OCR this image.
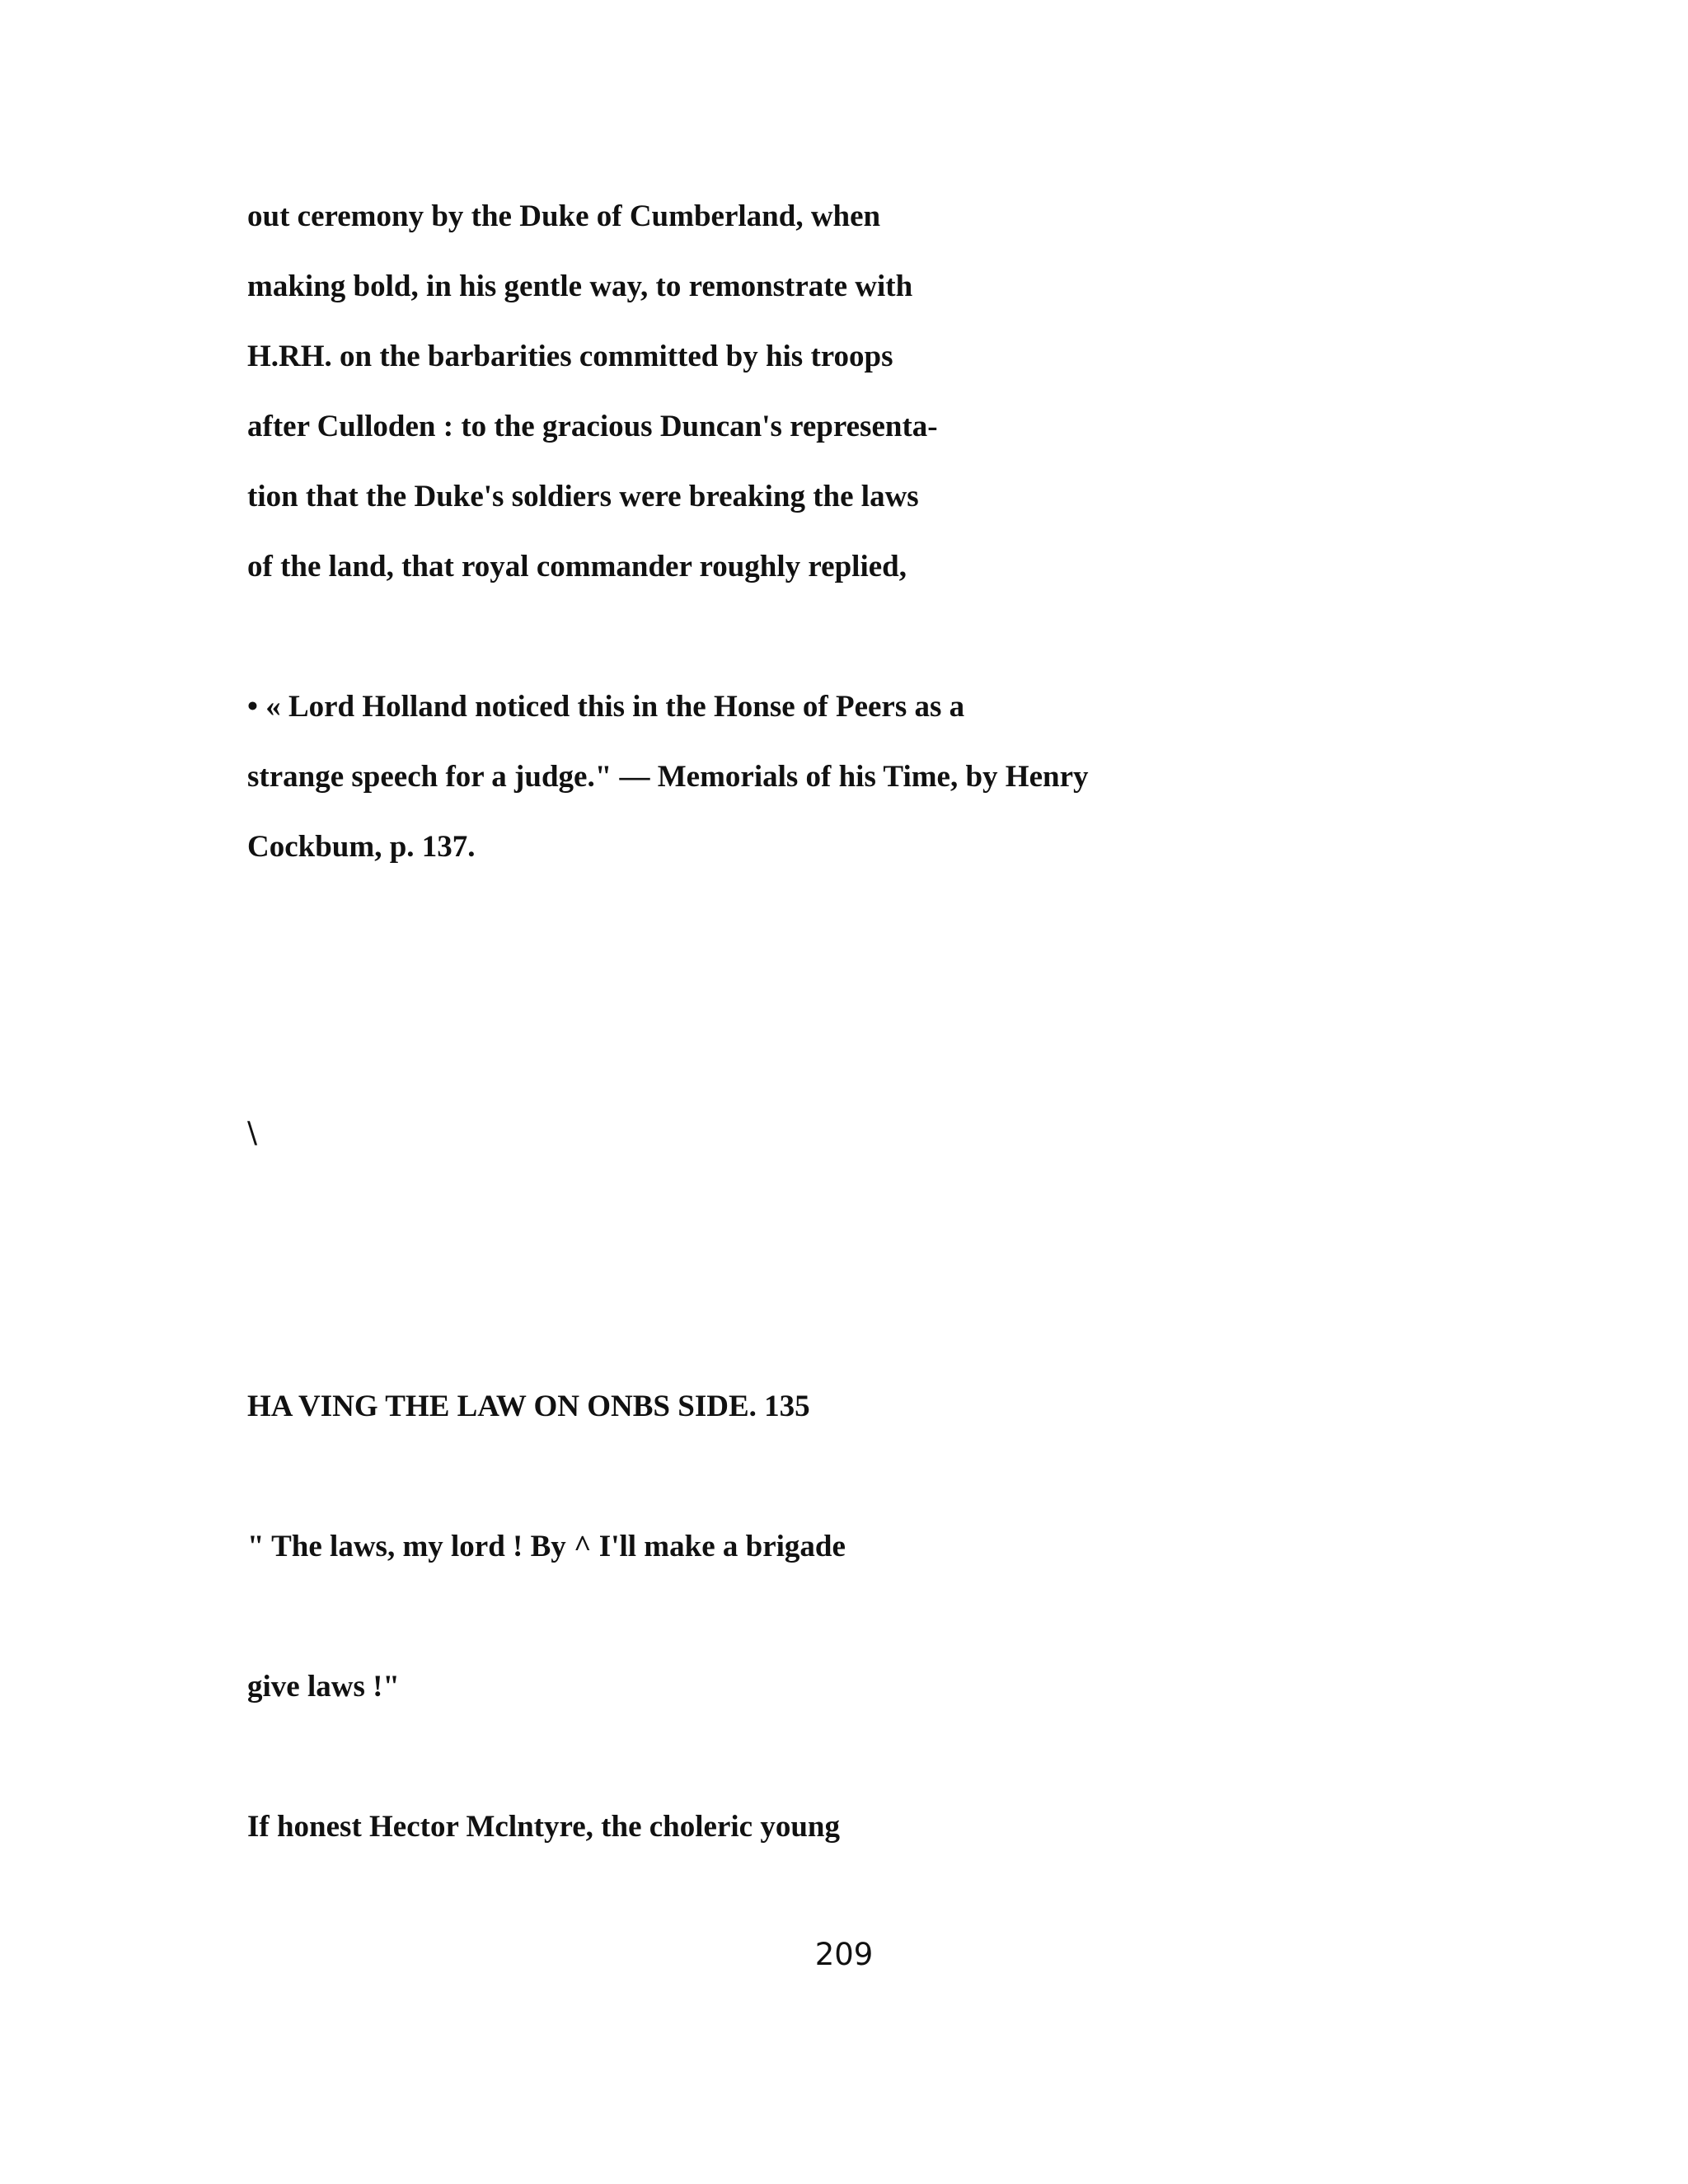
out ceremony by the Duke of Cumberland, when

making bold, in his gentle way, to remonstrate with

H.RH. on the barbarities committed by his troops

after Culloden : to the gracious Duncan's representa-

tion that the Duke's soldiers were breaking the laws

of the land, that royal commander roughly replied,

• « Lord Holland noticed this in the Honse of Peers as a

strange speech for a judge." — Memorials of his Time, by Henry

Cockbum, p. 137.

\

HA VING THE LAW ON ONBS SIDE. 135

" The laws, my lord ! By ^ I'll make a brigade

give laws !"

If honest Hector Mclntyre, the choleric young

209
